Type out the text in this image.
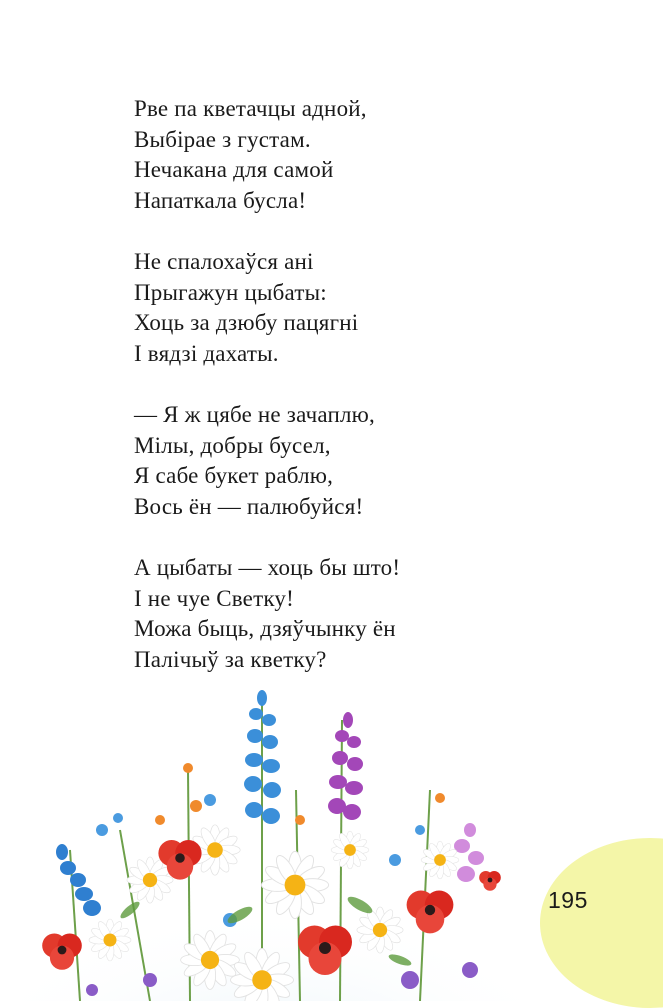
Рве па кветачцы адной,
Выбірае з густам.
Нечакана для самой
Напаткала бусла!
Не спалохаўся ані
Прыгажун цыбаты:
Хоць за дзюбу пацягні
І вядзі дахаты.
— Я ж цябе не зачаплю,
Мілы, добры бусел,
Я сабе букет раблю,
Вось ён — палюбуйся!
А цыбаты — хоць бы што!
І не чуе Светку!
Можа быць, дзяўчынку ён
Палічыў за кветку?
195
